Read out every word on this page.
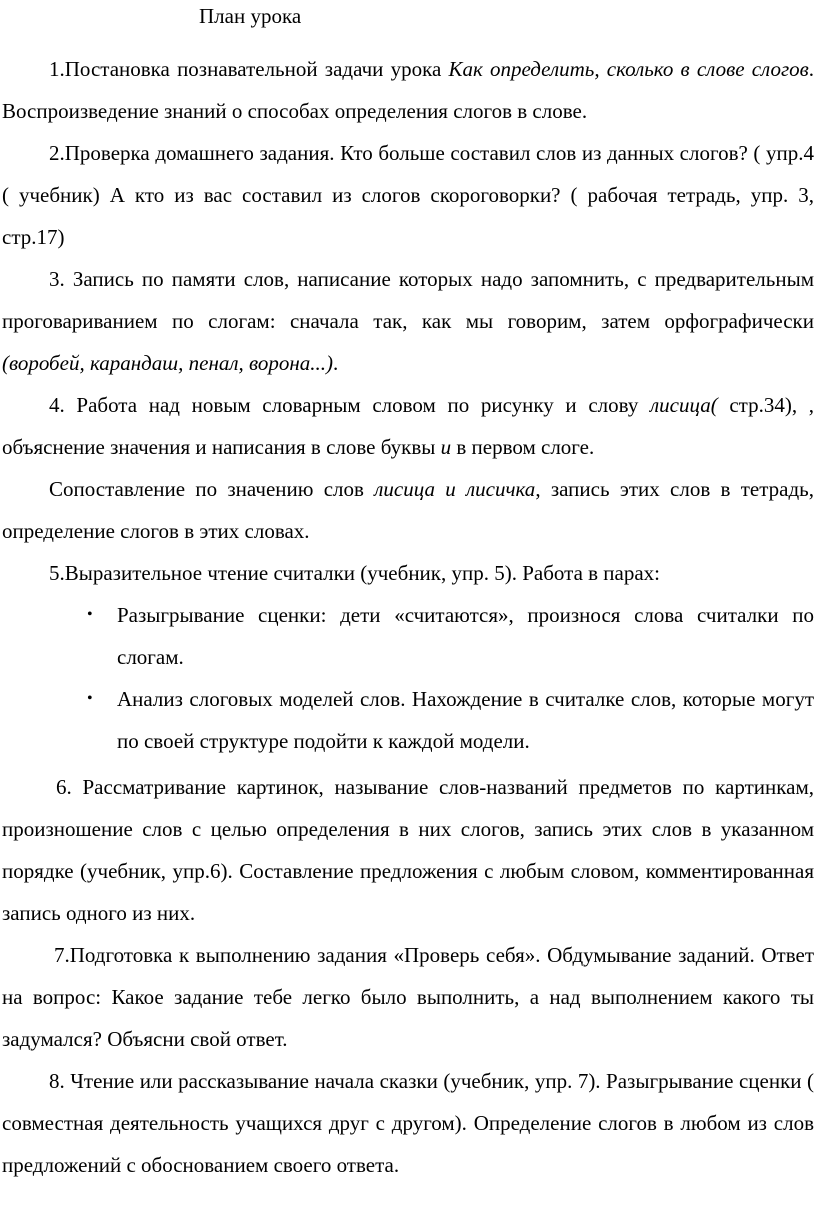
План урока

1.Постановка познавательной задачи урока Как определить, сколько в слове слогов. Воспроизведение знаний о способах определения слогов в слове.

2.Проверка домашнего задания. Кто больше составил слов из данных слогов? ( упр.4 ( учебник) А кто из вас составил из слогов скороговорки? ( рабочая тетрадь, упр. 3, стр.17)

3. Запись по памяти слов, написание которых надо запомнить, с предварительным проговариванием по слогам: сначала так, как мы говорим, затем орфографически (воробей, карандаш, пенал, ворона...).

4. Работа над новым словарным словом по рисунку и слову лисица( стр.34), , объяснение значения и написания в слове буквы и в первом слоге.

Сопоставление по значению слов лисица и лисичка, запись этих слов в тетрадь, определение слогов в этих словах.

5.Выразительное чтение считалки (учебник, упр. 5). Работа в парах:

• Разыгрывание сценки: дети «считаются», произнося слова считалки по слогам.
• Анализ слоговых моделей слов. Нахождение в считалке слов, которые могут по своей структуре подойти к каждой модели.

6. Рассматривание картинок, называние слов-названий предметов по картинкам, произношение слов с целью определения в них слогов, запись этих слов в указанном порядке (учебник, упр.6). Составление предложения с любым словом, комментированная запись одного из них.

7.Подготовка к выполнению задания «Проверь себя». Обдумывание заданий. Ответ на вопрос: Какое задание тебе легко было выполнить, а над выполнением какого ты задумался? Объясни свой ответ.

8. Чтение или рассказывание начала сказки (учебник, упр. 7). Разыгрывание сценки ( совместная деятельность учащихся друг с другом). Определение слогов в любом из слов предложений с обоснованием своего ответа.
